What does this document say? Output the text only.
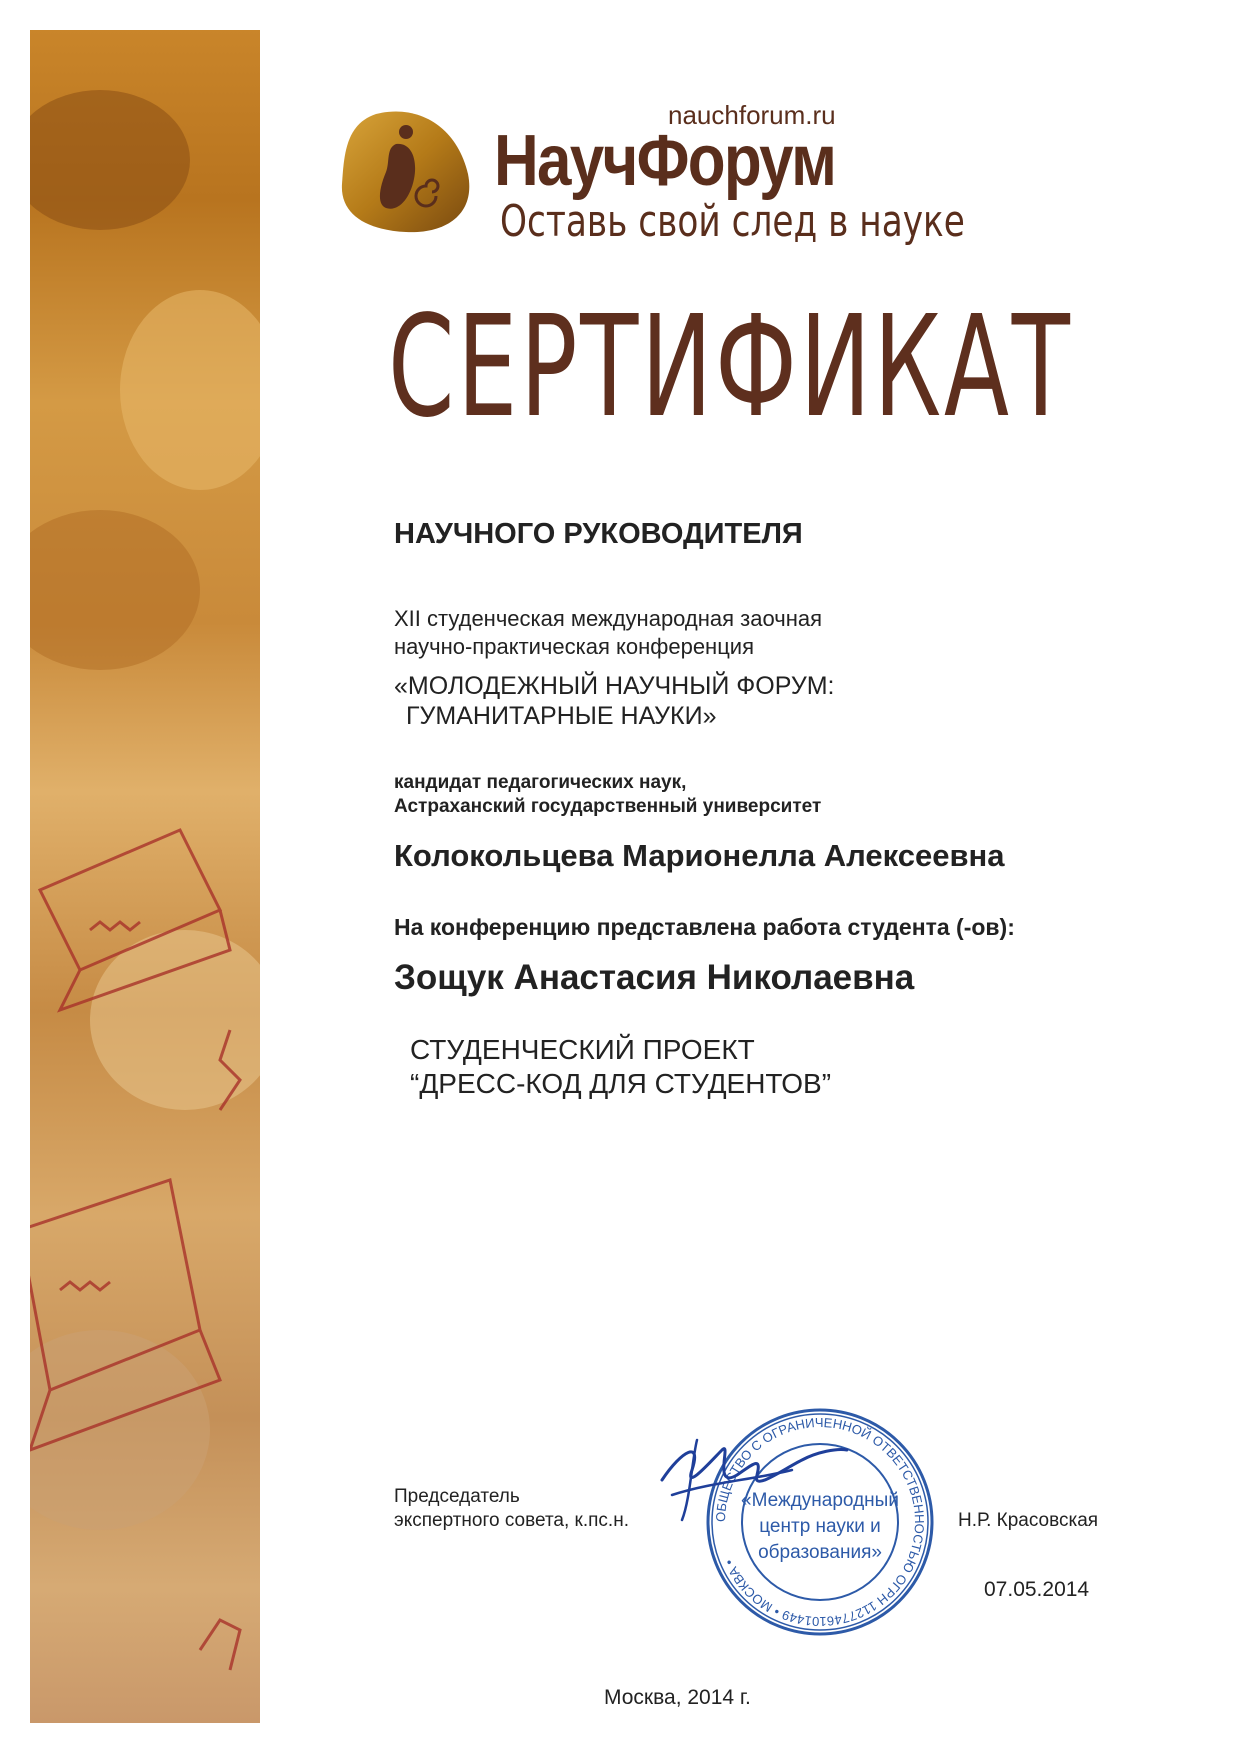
nauchforum.ru
НаучФорум
Оставь свой след в науке
СЕРТИФИКАТ
НАУЧНОГО РУКОВОДИТЕЛЯ
XII студенческая международная заочная
научно-практическая конференция
«МОЛОДЕЖНЫЙ НАУЧНЫЙ ФОРУМ:
ГУМАНИТАРНЫЕ НАУКИ»
кандидат педагогических наук,
Астраханский государственный университет
Колокольцева Марионелла Алексеевна
На конференцию представлена работа студента (-ов):
Зощук Анастасия Николаевна
СТУДЕНЧЕСКИЙ ПРОЕКТ
“ДРЕСС-КОД ДЛЯ СТУДЕНТОВ”
Председатель
экспертного совета, к.пс.н.	Н.Р. Красовская
07.05.2014
Москва, 2014 г.
ОБЩЕСТВО С ОГРАНИЧЕННОЙ ОТВЕТСТВЕННОСТЬЮ ОГРН 1127746101449 • МОСКВА •
«Международный
центр науки и
образования»
